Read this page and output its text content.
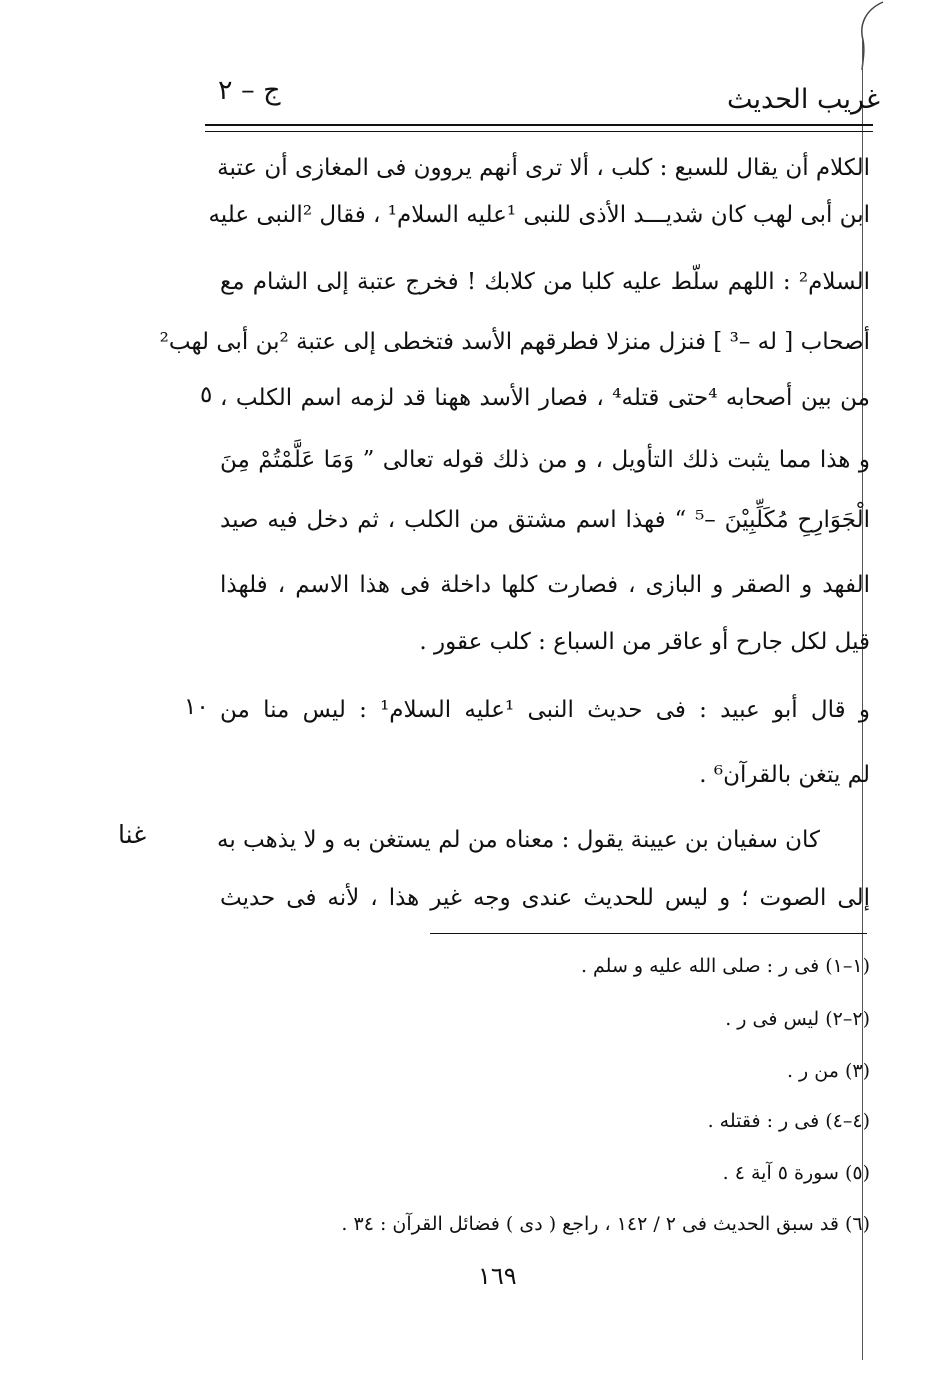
غريب الحديث
ج – ٢
الكلام أن يقال للسبع : كلب ، ألا ترى أنهم يروون فى المغازى أن عتبة
ابن أبى لهب كان شديـــد الأذى للنبى ¹عليه السلام¹ ، فقال ²النبى عليه
السلام² : اللهم سلّط عليه كلبا من كلابك ! فخرج عتبة إلى الشام مع
أصحاب [ له –³ ] فنزل منزلا فطرقهم الأسد فتخطى إلى عتبة ²بن أبى لهب²
من بين أصحابه ⁴حتى قتله⁴ ، فصار الأسد ههنا قد لزمه اسم الكلب ،
و هذا مما يثبت ذلك التأويل ، و من ذلك قوله تعالى ” وَمَا عَلَّمْتُمْ مِنَ
الْجَوَارِحِ مُكَلِّبِيْنَ –⁵ “ فهذا اسم مشتق من الكلب ، ثم دخل فيه صيد
الفهد و الصقر و البازى ، فصارت كلها داخلة فى هذا الاسم ، فلهذا
قيل لكل جارح أو عاقر من السباع : كلب عقور .
و قال أبو عبيد : فى حديث النبى ¹عليه السلام¹ : ليس منا من
لم يتغن بالقرآن⁶ .
كان سفيان بن عيينة يقول : معناه من لم يستغن به و لا يذهب به
إلى الصوت ؛ و ليس للحديث عندى وجه غير هذا ، لأنه فى حديث
٥
١٠
غنا
(١–١) فى ر : صلى الله عليه و سلم .
(٢–٢) ليس فى ر .
(٣) من ر .
(٤–٤) فى ر : فقتله .
(٥) سورة ٥ آية ٤ .
(٦) قد سبق الحديث فى ٢ / ١٤٢ ، راجع ( دى ) فضائل القرآن : ٣٤ .
١٦٩
